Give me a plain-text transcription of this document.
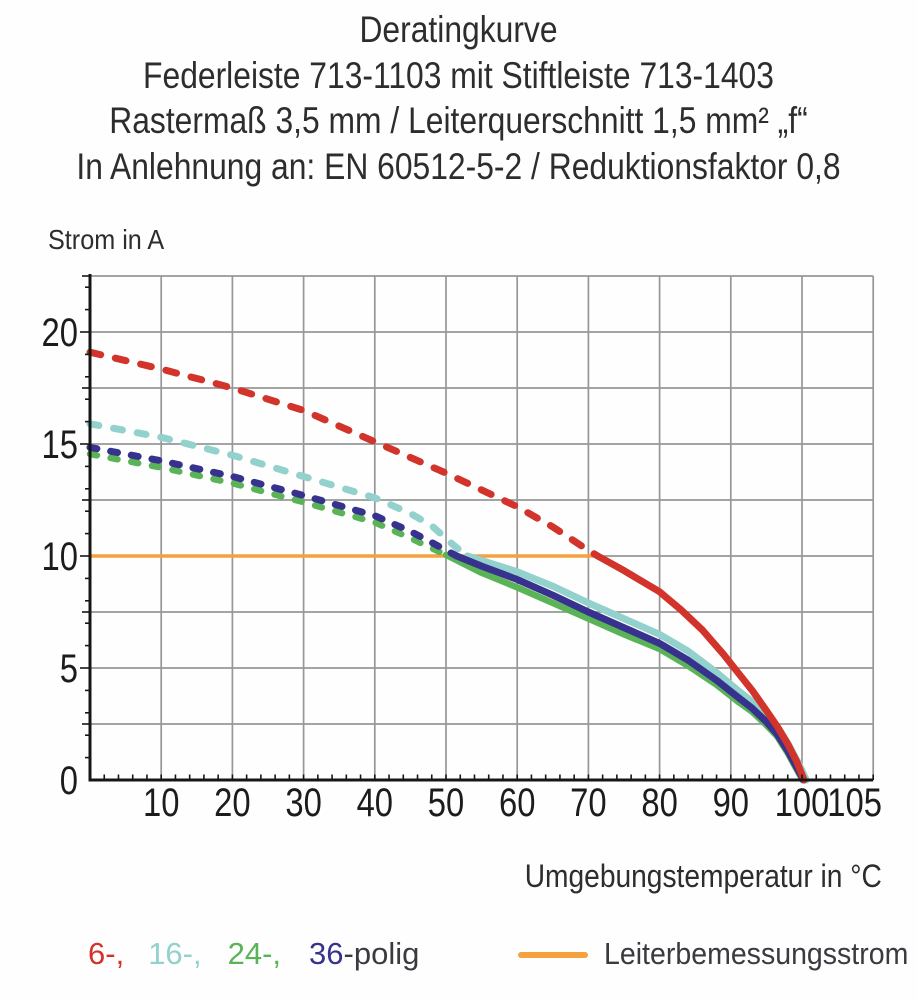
Deratingkurve
Federleiste 713-1103 mit Stiftleiste 713-1403
Rastermaß 3,5 mm / Leiterquerschnitt 1,5 mm² „f“
In Anlehnung an: EN 60512-5-2 / Reduktionsfaktor 0,8
Strom in A
10 20 30 40 50 60 70 80 90 100
105
0
5
10
15
20
Umgebungstemperatur in °C
6-, 16-, 24-, 36 -polig	Leiterbemessungsstrom
